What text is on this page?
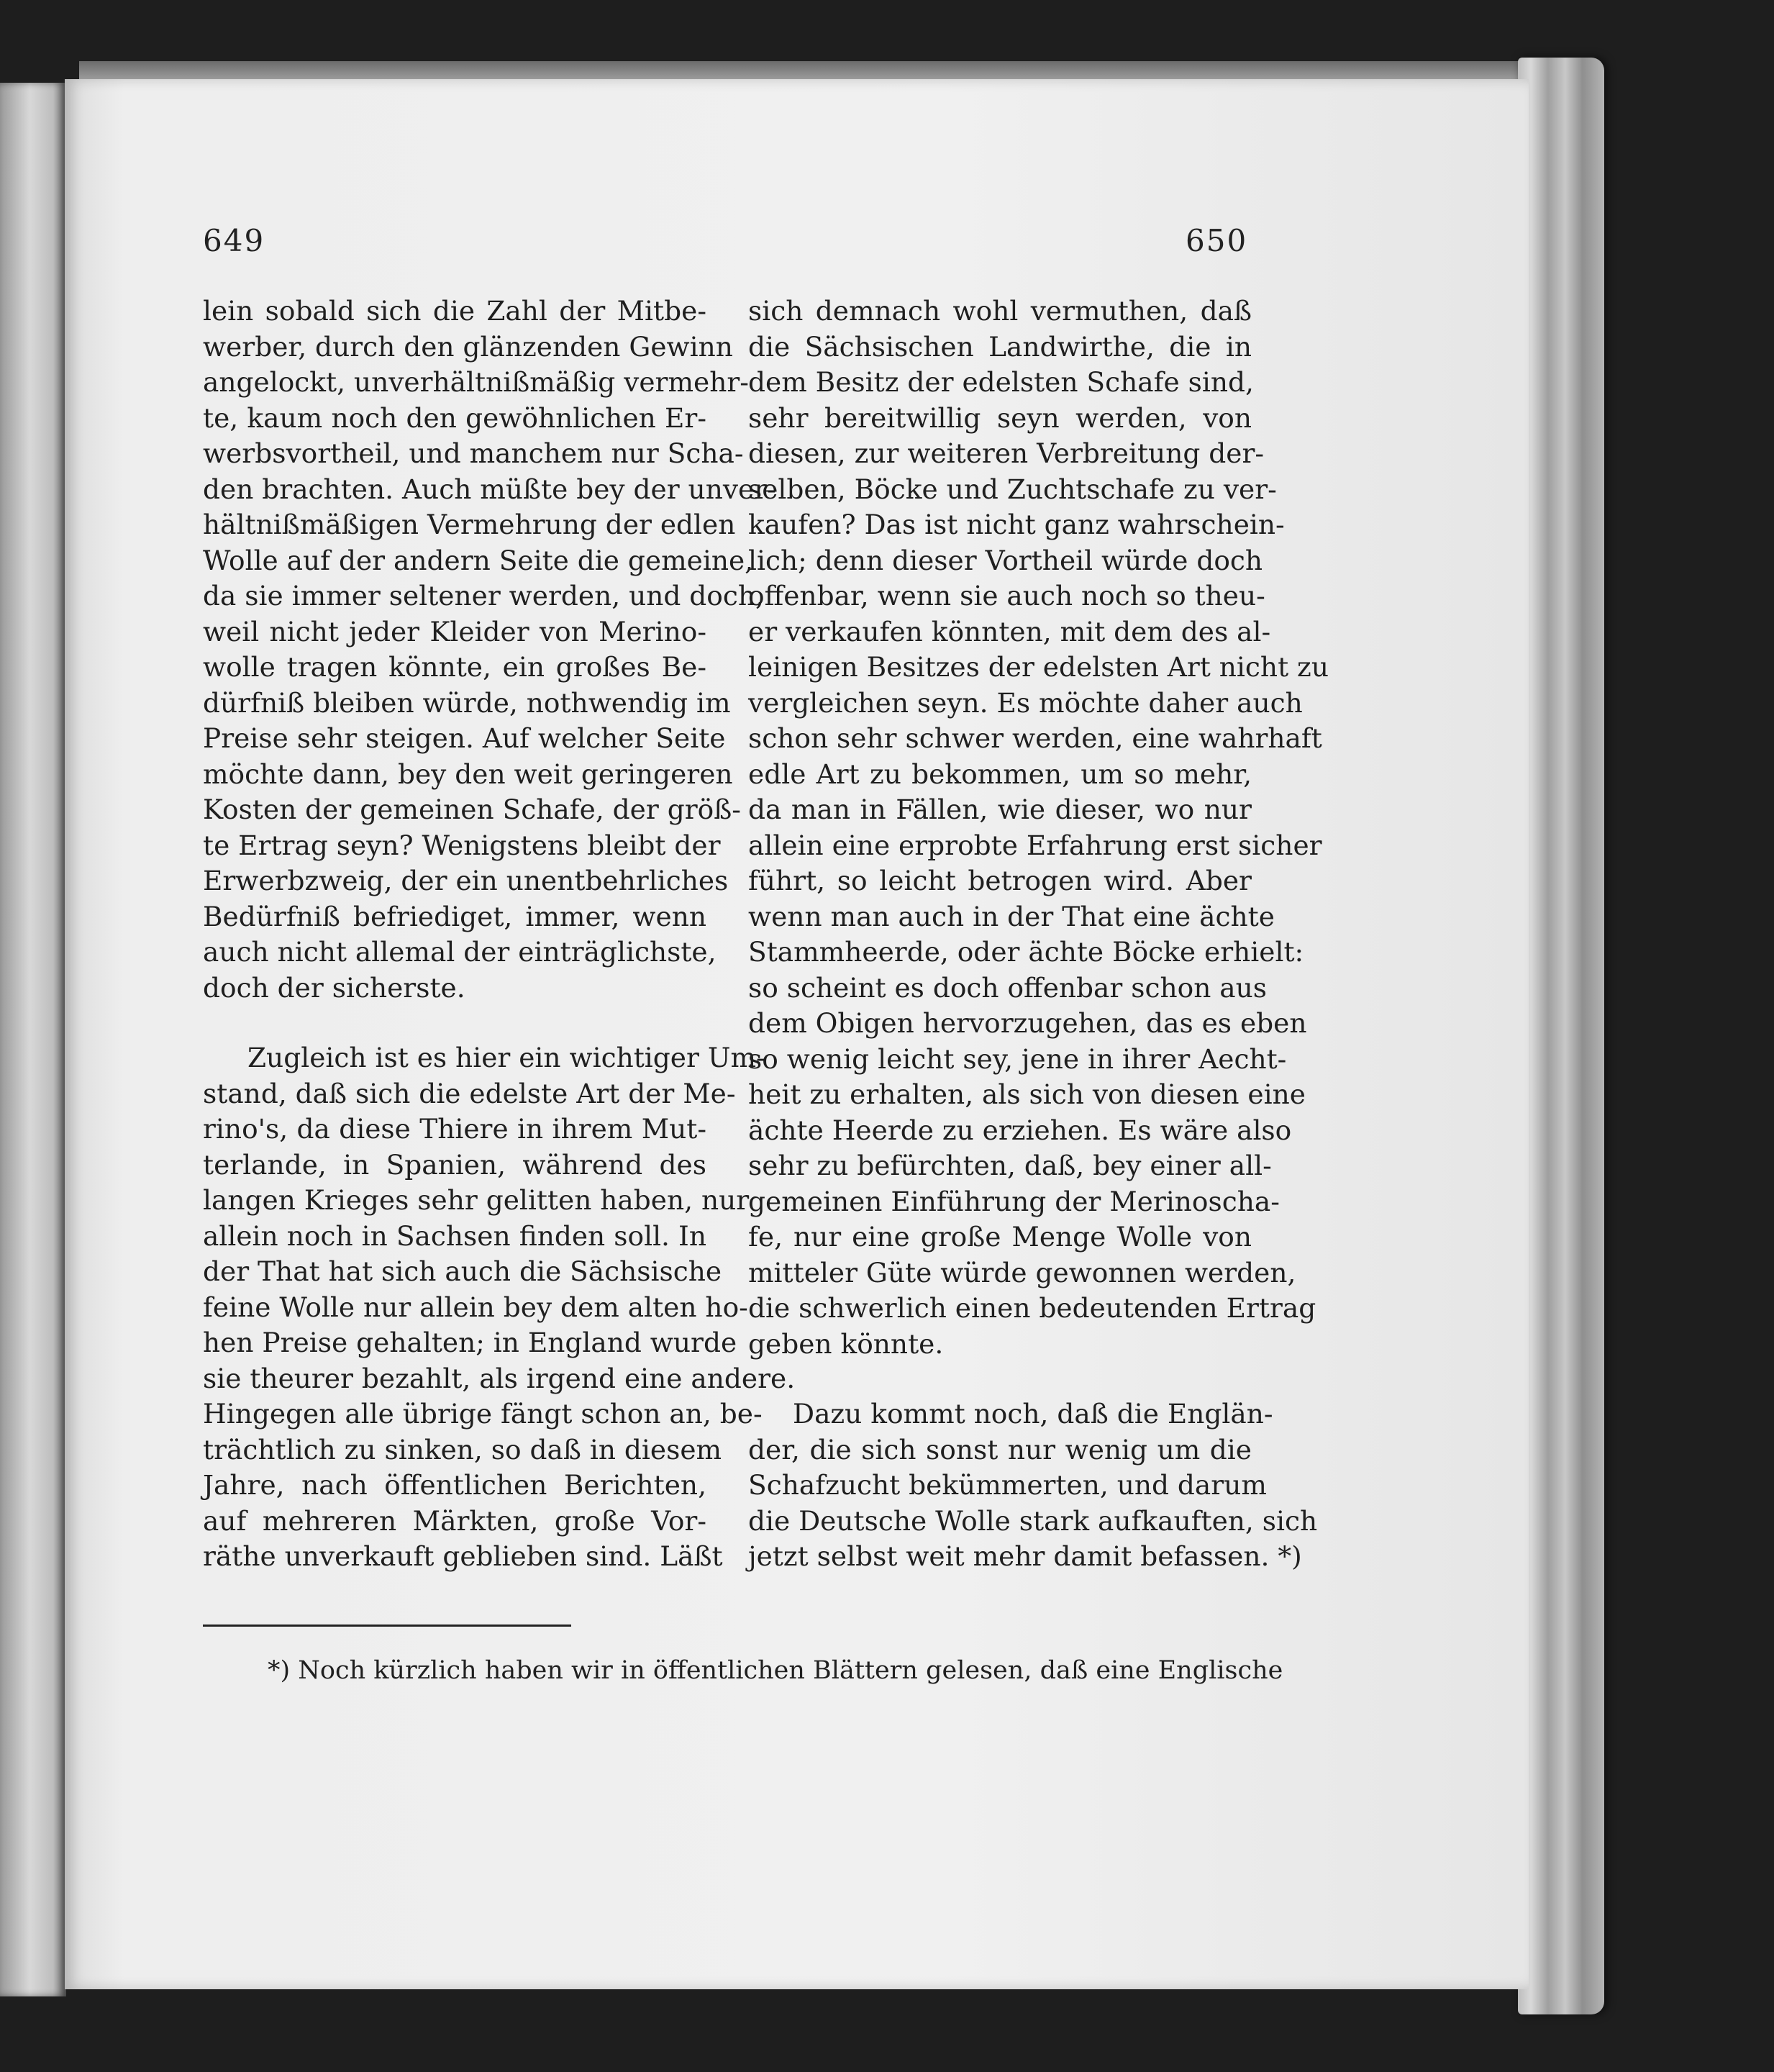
649	650
lein sobald sich die Zahl der Mitbe-
werber, durch den glänzenden Gewinn
angelockt, unverhältnißmäßig vermehr-
te, kaum noch den gewöhnlichen Er-
werbsvortheil, und manchem nur Scha-
den brachten. Auch müßte bey der unver-
hältnißmäßigen Vermehrung der edlen
Wolle auf der andern Seite die gemeine,
da sie immer seltener werden, und doch,
weil nicht jeder Kleider von Merino-
wolle tragen könnte, ein großes Be-
dürfniß bleiben würde, nothwendig im
Preise sehr steigen. Auf welcher Seite
möchte dann, bey den weit geringeren
Kosten der gemeinen Schafe, der größ-
te Ertrag seyn? Wenigstens bleibt der
Erwerbzweig, der ein unentbehrliches
Bedürfniß befriediget, immer, wenn
auch nicht allemal der einträglichste,
doch der sicherste.
Zugleich ist es hier ein wichtiger Um-
stand, daß sich die edelste Art der Me-
rino's, da diese Thiere in ihrem Mut-
terlande, in Spanien, während des
langen Krieges sehr gelitten haben, nur
allein noch in Sachsen finden soll. In
der That hat sich auch die Sächsische
feine Wolle nur allein bey dem alten ho-
hen Preise gehalten; in England wurde
sie theurer bezahlt, als irgend eine andere.
Hingegen alle übrige fängt schon an, be-
trächtlich zu sinken, so daß in diesem
Jahre, nach öffentlichen Berichten,
auf mehreren Märkten, große Vor-
räthe unverkauft geblieben sind. Läßt
sich demnach wohl vermuthen, daß
die Sächsischen Landwirthe, die in
dem Besitz der edelsten Schafe sind,
sehr bereitwillig seyn werden, von
diesen, zur weiteren Verbreitung der-
selben, Böcke und Zuchtschafe zu ver-
kaufen? Das ist nicht ganz wahrschein-
lich; denn dieser Vortheil würde doch
offenbar, wenn sie auch noch so theu-
er verkaufen könnten, mit dem des al-
leinigen Besitzes der edelsten Art nicht zu
vergleichen seyn. Es möchte daher auch
schon sehr schwer werden, eine wahrhaft
edle Art zu bekommen, um so mehr,
da man in Fällen, wie dieser, wo nur
allein eine erprobte Erfahrung erst sicher
führt, so leicht betrogen wird. Aber
wenn man auch in der That eine ächte
Stammheerde, oder ächte Böcke erhielt:
so scheint es doch offenbar schon aus
dem Obigen hervorzugehen, das es eben
so wenig leicht sey, jene in ihrer Aecht-
heit zu erhalten, als sich von diesen eine
ächte Heerde zu erziehen. Es wäre also
sehr zu befürchten, daß, bey einer all-
gemeinen Einführung der Merinoscha-
fe, nur eine große Menge Wolle von
mitteler Güte würde gewonnen werden,
die schwerlich einen bedeutenden Ertrag
geben könnte.
Dazu kommt noch, daß die Englän-
der, die sich sonst nur wenig um die
Schafzucht bekümmerten, und darum
die Deutsche Wolle stark aufkauften, sich
jetzt selbst weit mehr damit befassen. *)
*) Noch kürzlich haben wir in öffentlichen Blättern gelesen, daß eine Englische
